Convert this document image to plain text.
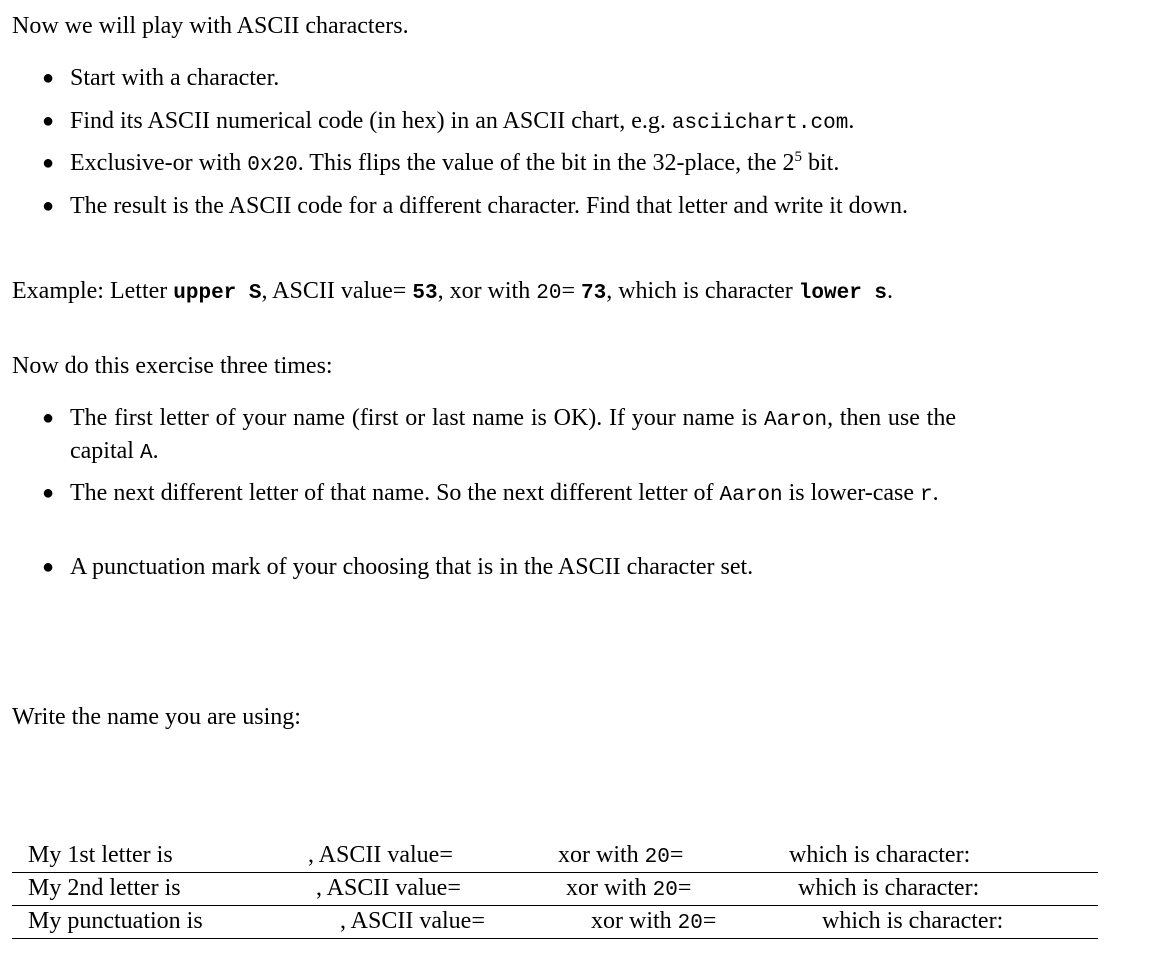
Now we will play with ASCII characters.
● Start with a character.
● Find its ASCII numerical code (in hex) in an ASCII chart, e.g. asciichart.com.
● Exclusive-or with 0x20. This flips the value of the bit in the 32-place, the $2^5$ bit.
● The result is the ASCII code for a different character. Find that letter and write it down.
Example: Letter upper S, ASCII value= 53, xor with 20= 73, which is character lower s.
Now do this exercise three times:
● The first letter of your name (first or last name is OK). If your name is Aaron, then use the capital A.
● The next different letter of that name. So the next different letter of Aaron is lower-case r.
● A punctuation mark of your choosing that is in the ASCII character set.
Write the name you are using:
My 1st letter is	, ASCII value=	xor with 20=	which is character:
My 2nd letter is	, ASCII value=	xor with 20=	which is character:
My punctuation is	, ASCII value=	xor with 20=	which is character:
